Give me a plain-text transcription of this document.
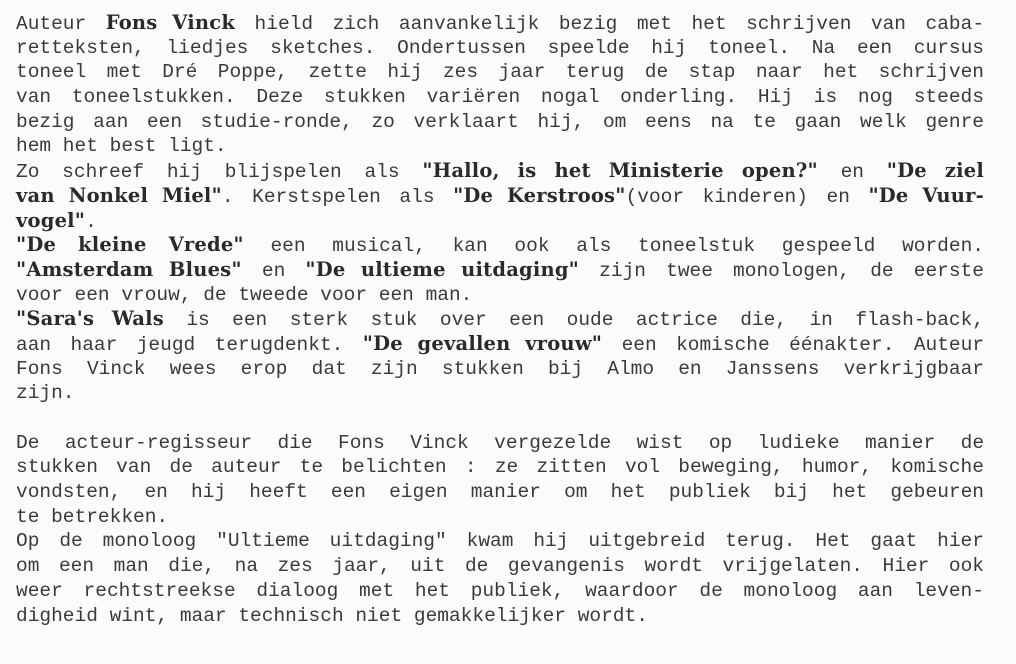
Auteur Fons Vinck hield zich aanvankelijk bezig met het schrijven van caba-
retteksten, liedjes sketches. Ondertussen speelde hij toneel. Na een cursus
toneel met Dré Poppe, zette hij zes jaar terug de stap naar het schrijven
van toneelstukken. Deze stukken variëren nogal onderling. Hij is nog steeds
bezig aan een studie-ronde, zo verklaart hij, om eens na te gaan welk genre
hem het best ligt.
Zo schreef hij blijspelen als "Hallo, is het Ministerie open?" en "De ziel
van Nonkel Miel". Kerstspelen als "De Kerstroos"(voor kinderen) en "De Vuur-
vogel".
"De kleine Vrede" een musical, kan ook als toneelstuk gespeeld worden.
"Amsterdam Blues" en "De ultieme uitdaging" zijn twee monologen, de eerste
voor een vrouw, de tweede voor een man.
"Sara's Wals is een sterk stuk over een oude actrice die, in flash-back,
aan haar jeugd terugdenkt. "De gevallen vrouw" een komische éénakter. Auteur
Fons Vinck wees erop dat zijn stukken bij Almo en Janssens verkrijgbaar
zijn.
De acteur-regisseur die Fons Vinck vergezelde wist op ludieke manier de
stukken van de auteur te belichten : ze zitten vol beweging, humor, komische
vondsten, en hij heeft een eigen manier om het publiek bij het gebeuren
te betrekken.
Op de monoloog "Ultieme uitdaging" kwam hij uitgebreid terug. Het gaat hier
om een man die, na zes jaar, uit de gevangenis wordt vrijgelaten. Hier ook
weer rechtstreekse dialoog met het publiek, waardoor de monoloog aan leven-
digheid wint, maar technisch niet gemakkelijker wordt.
